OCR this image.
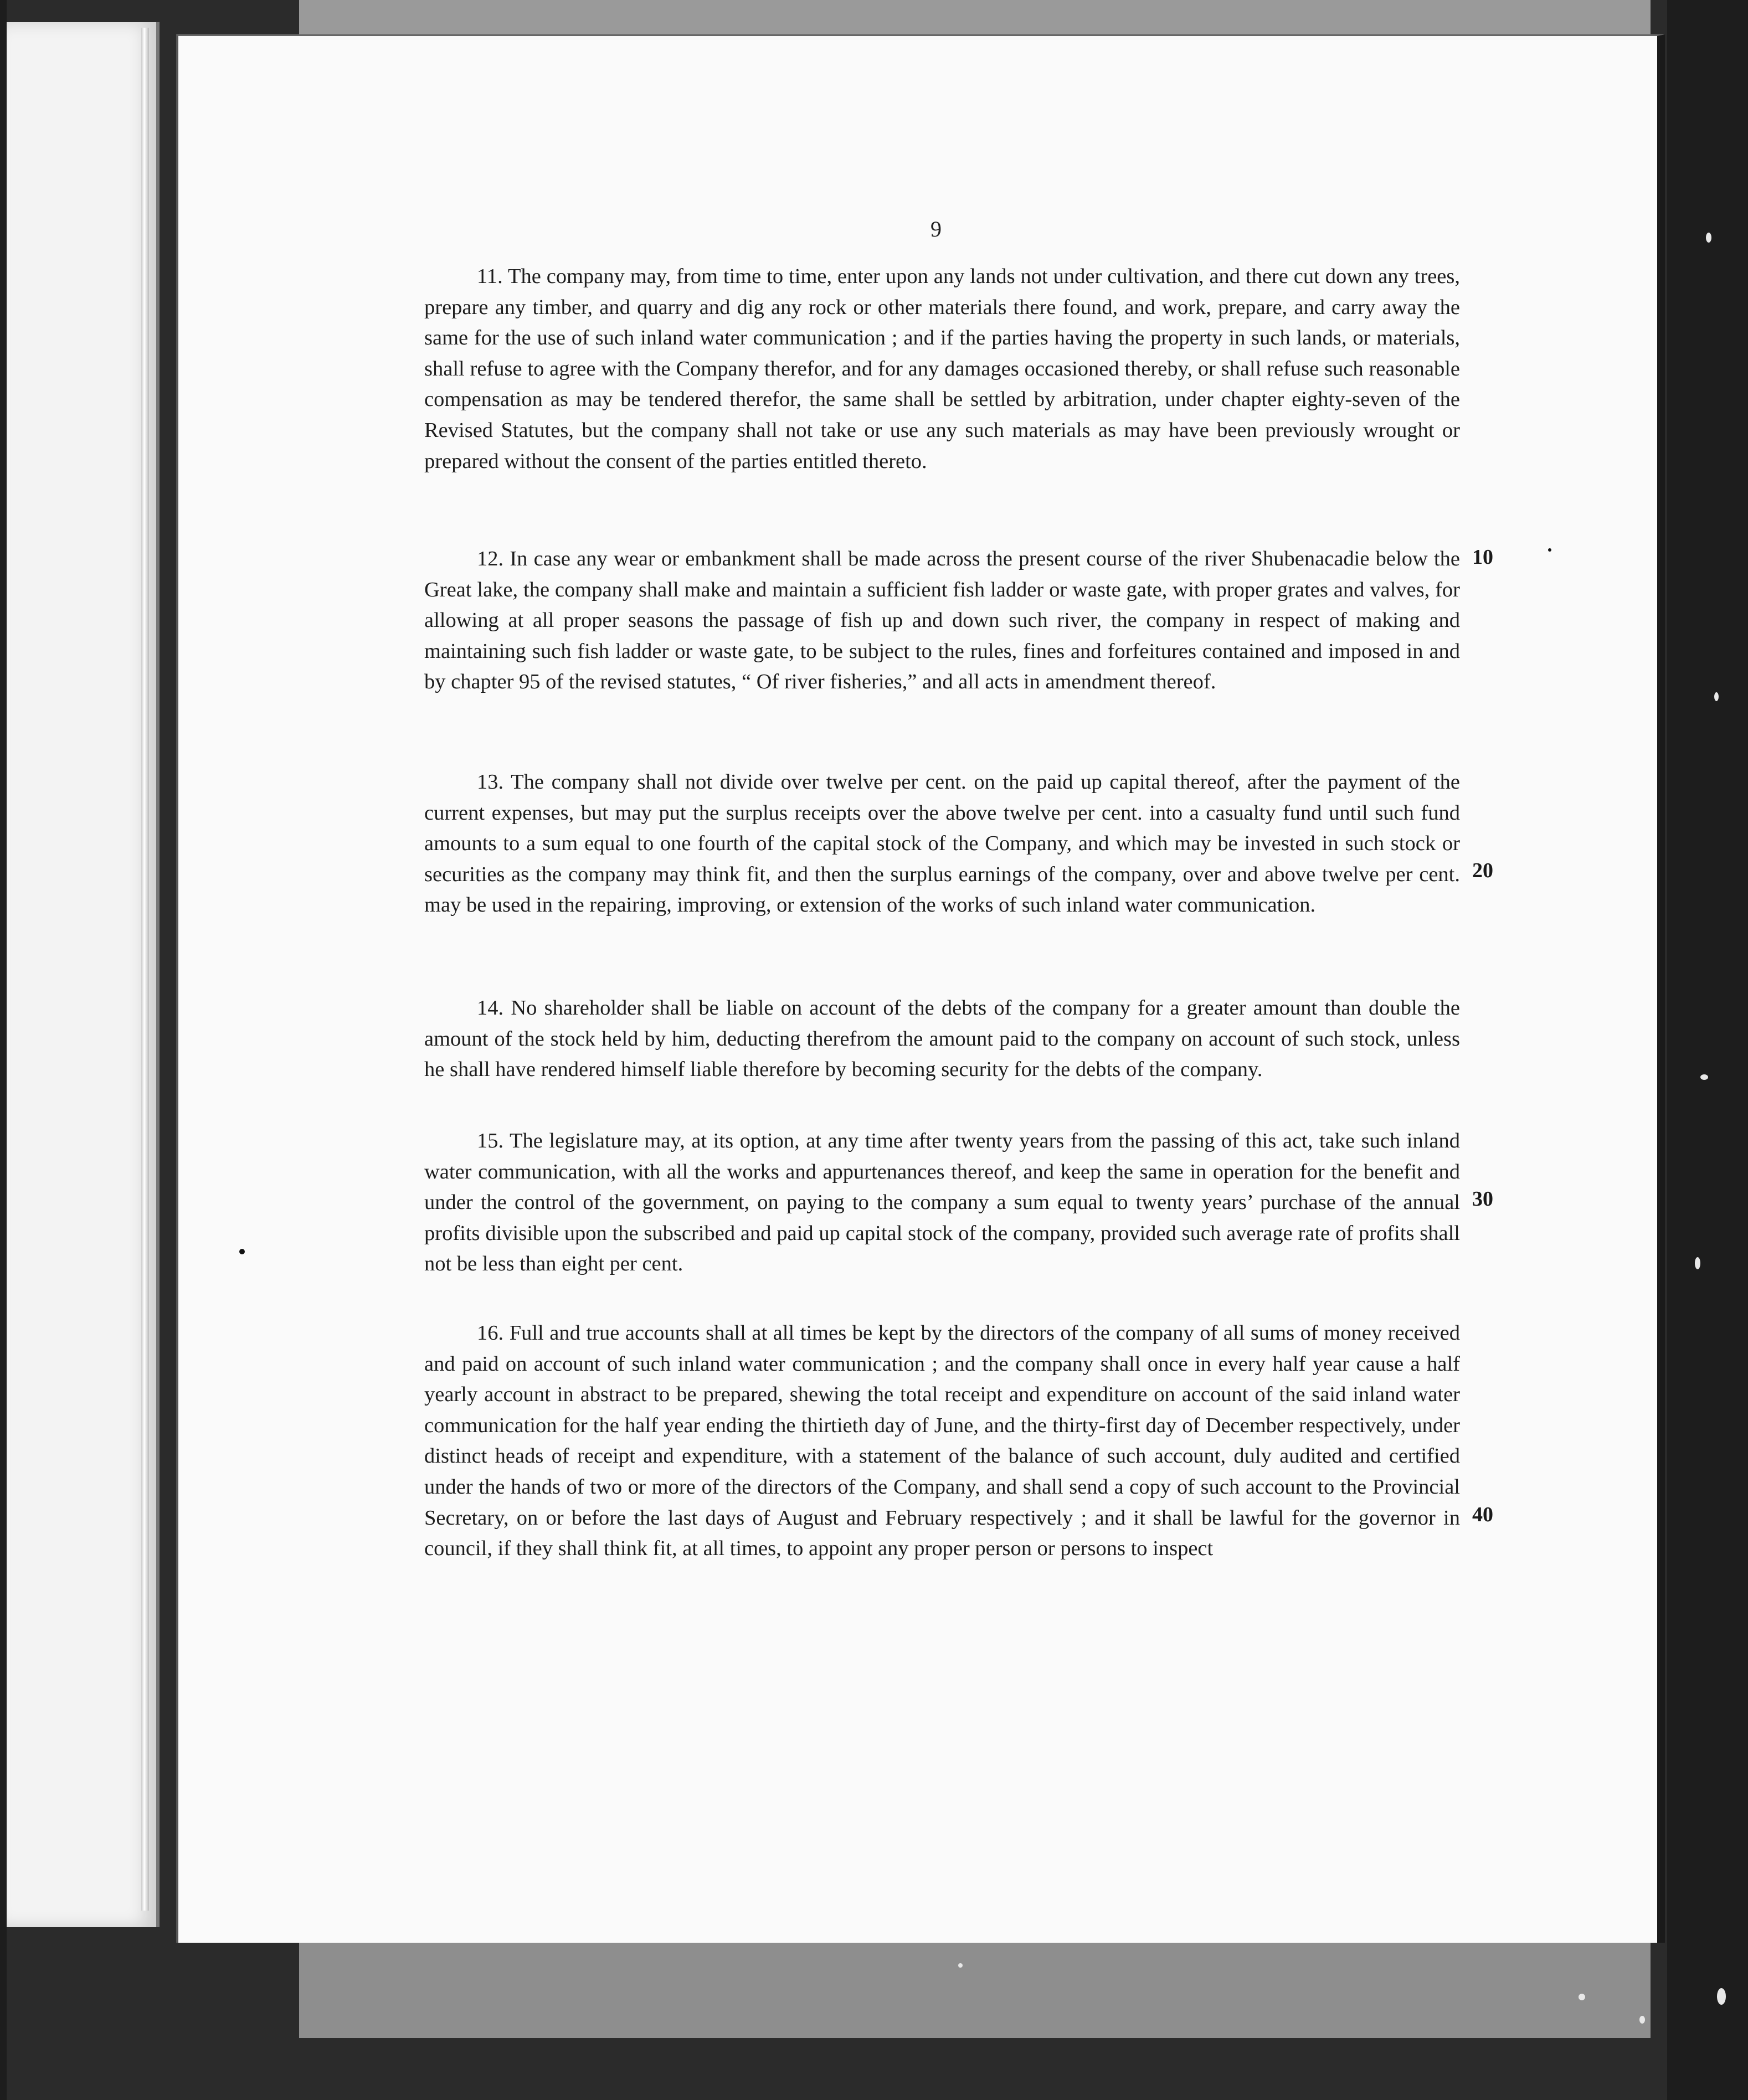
9

11. The company may, from time to time, enter upon any lands not under cultivation, and there cut down any trees, prepare any timber, and quarry and dig any rock or other materials there found, and work, prepare, and carry away the same for the use of such inland water communication ; and if the parties having the property in such lands, or materials, shall refuse to agree with the Company therefor, and for any damages occasioned thereby, or shall refuse such reasonable compensation as may be tendered therefor, the same shall be settled by arbitration, under chapter eighty-seven of the Revised Statutes, but the company shall not take or use any such materials as may have been previously wrought or prepared without the consent of the parties entitled thereto.

12. In case any wear or embankment shall be made across the present course of the river Shubenacadie below the Great lake, the company shall make and maintain a sufficient fish ladder or waste gate, with proper grates and valves, for allowing at all proper seasons the passage of fish up and down such river, the company in respect of making and maintaining such fish ladder or waste gate, to be subject to the rules, fines and forfeitures contained and imposed in and by chapter 95 of the revised statutes, “ Of river fisheries,” and all acts in amendment thereof.

13. The company shall not divide over twelve per cent. on the paid up capital thereof, after the payment of the current expenses, but may put the surplus receipts over the above twelve per cent. into a casualty fund until such fund amounts to a sum equal to one fourth of the capital stock of the Company, and which may be invested in such stock or securities as the company may think fit, and then the surplus earnings of the company, over and above twelve per cent. may be used in the repairing, improving, or extension of the works of such inland water communication.

14. No shareholder shall be liable on account of the debts of the company for a greater amount than double the amount of the stock held by him, deducting therefrom the amount paid to the company on account of such stock, unless he shall have rendered himself liable therefore by becoming security for the debts of the company.

15. The legislature may, at its option, at any time after twenty years from the passing of this act, take such inland water communication, with all the works and appurtenances thereof, and keep the same in operation for the benefit and under the control of the government, on paying to the company a sum equal to twenty years’ purchase of the annual profits divisible upon the subscribed and paid up capital stock of the company, provided such average rate of profits shall not be less than eight per cent.

16. Full and true accounts shall at all times be kept by the directors of the company of all sums of money received and paid on account of such inland water communication ; and the company shall once in every half year cause a half yearly account in abstract to be prepared, shewing the total receipt and expenditure on account of the said inland water communication for the half year ending the thirtieth day of June, and the thirty-first day of December respectively, under distinct heads of receipt and expenditure, with a statement of the balance of such account, duly audited and certified under the hands of two or more of the directors of the Company, and shall send a copy of such account to the Provincial Secretary, on or before the last days of August and February respectively ; and it shall be lawful for the governor in council, if they shall think fit, at all times, to appoint any proper person or persons to inspect

10
20
30
40
